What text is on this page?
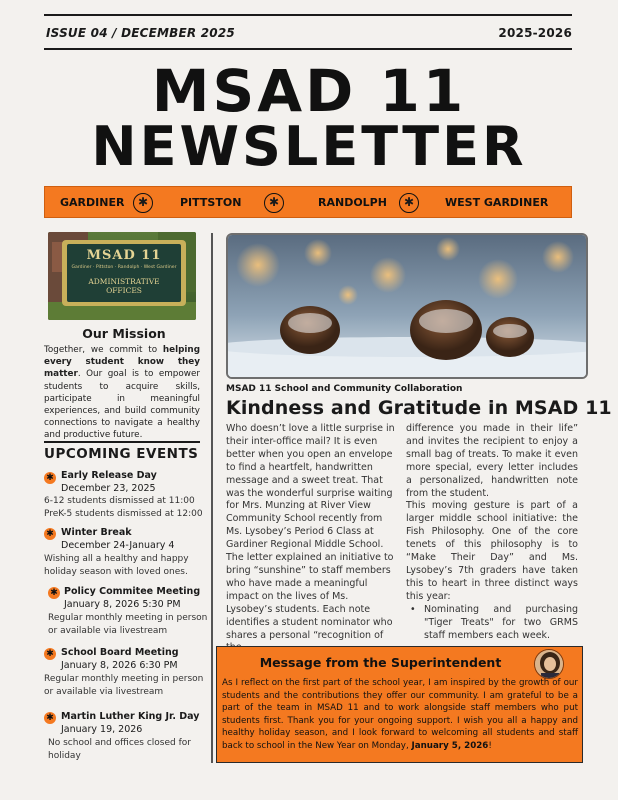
ISSUE 04 / DECEMBER 2025	2025-2026
MSAD 11
NEWSLETTER
GARDINER	✱	PITTSTON	✱	RANDOLPH	✱	WEST GARDINER
MSAD 11
Gardiner · Pittston · Randolph · West Gardiner
ADMINISTRATIVE
OFFICES
Our Mission
Together, we commit to helping every student know they matter. Our goal is to empower students to acquire skills, participate in meaningful experiences, and build community connections to navigate a healthy and productive future.
UPCOMING EVENTS
✱ Early Release Day
December 23, 2025
6-12 students dismissed at 11:00
PreK-5 students dismissed at 12:00
✱ Winter Break
December 24-January 4
Wishing all a healthy and happy holiday season with loved ones.
✱ Policy Commitee Meeting
January 8, 2026 5:30 PM
Regular monthly meeting in person or available via livestream
✱ School Board Meeting
January 8, 2026 6:30 PM
Regular monthly meeting in person or available via livestream
✱ Martin Luther King Jr. Day
January 19, 2026
No school and offices closed for holiday
MSAD 11 School and Community Collaboration
Kindness and Gratitude in MSAD 11

Who doesn’t love a little surprise in their inter-office mail? It is even better when you open an envelope to find a heartfelt, handwritten message and a sweet treat. That was the wonderful surprise waiting for Mrs. Munzing at River View Community School recently from Ms. Lysobey’s Period 6 Class at Gardiner Regional Middle School.

The letter explained an initiative to bring “sunshine” to staff members who have made a meaningful impact on the lives of Ms. Lysobey’s students. Each note identifies a student nominator who shares a personal “recognition of

difference you made in their life” and invites the recipient to enjoy a small bag of treats. To make it even more special, every letter includes a personalized, handwritten note from the student.

This moving gesture is part of a larger middle school initiative: the Fish Philosophy. One of the core tenets of this philosophy is to “Make Their Day” and Ms. Lysobey’s 7th graders have taken this to heart in three distinct ways this year:

• Nominating and purchasing "Tiger Treats" for two GRMS staff members each week.
Message from the Superintendent
As I reflect on the first part of the school year, I am inspired by the growth of our students and the contributions they offer our community. I am grateful to be a part of the team in MSAD 11 and to work alongside staff members who put students first. Thank you for your ongoing support. I wish you all a happy and healthy holiday season, and I look forward to welcoming all students and staff back to school in the New Year on Monday, January 5, 2026!
